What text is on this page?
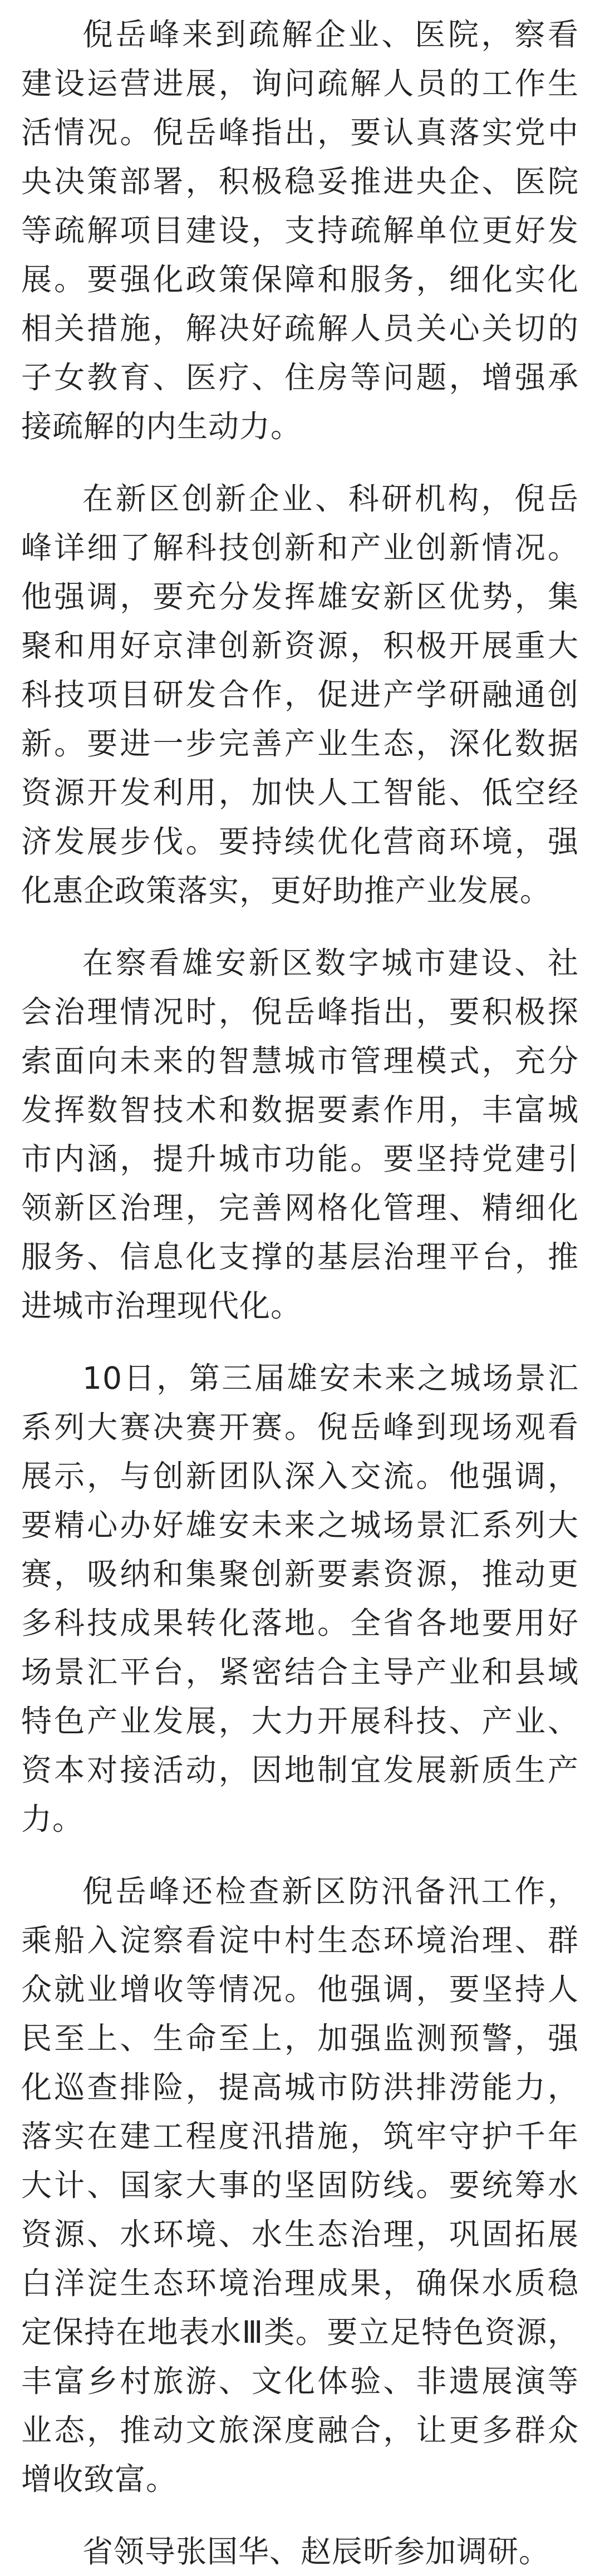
倪岳峰来到疏解企业、医院，察看建设运营进展，询问疏解人员的工作生活情况。倪岳峰指出，要认真落实党中央决策部署，积极稳妥推进央企、医院等疏解项目建设，支持疏解单位更好发展。要强化政策保障和服务，细化实化相关措施，解决好疏解人员关心关切的子女教育、医疗、住房等问题，增强承接疏解的内生动力。

在新区创新企业、科研机构，倪岳峰详细了解科技创新和产业创新情况。他强调，要充分发挥雄安新区优势，集聚和用好京津创新资源，积极开展重大科技项目研发合作，促进产学研融通创新。要进一步完善产业生态，深化数据资源开发利用，加快人工智能、低空经济发展步伐。要持续优化营商环境，强化惠企政策落实，更好助推产业发展。

在察看雄安新区数字城市建设、社会治理情况时，倪岳峰指出，要积极探索面向未来的智慧城市管理模式，充分发挥数智技术和数据要素作用，丰富城市内涵，提升城市功能。要坚持党建引领新区治理，完善网格化管理、精细化服务、信息化支撑的基层治理平台，推进城市治理现代化。

10日，第三届雄安未来之城场景汇系列大赛决赛开赛。倪岳峰到现场观看展示，与创新团队深入交流。他强调，要精心办好雄安未来之城场景汇系列大赛，吸纳和集聚创新要素资源，推动更多科技成果转化落地。全省各地要用好场景汇平台，紧密结合主导产业和县域特色产业发展，大力开展科技、产业、资本对接活动，因地制宜发展新质生产力。

倪岳峰还检查新区防汛备汛工作，乘船入淀察看淀中村生态环境治理、群众就业增收等情况。他强调，要坚持人民至上、生命至上，加强监测预警，强化巡查排险，提高城市防洪排涝能力，落实在建工程度汛措施，筑牢守护千年大计、国家大事的坚固防线。要统筹水资源、水环境、水生态治理，巩固拓展白洋淀生态环境治理成果，确保水质稳定保持在地表水Ⅲ类。要立足特色资源，丰富乡村旅游、文化体验、非遗展演等业态，推动文旅深度融合，让更多群众增收致富。

省领导张国华、赵辰昕参加调研。
